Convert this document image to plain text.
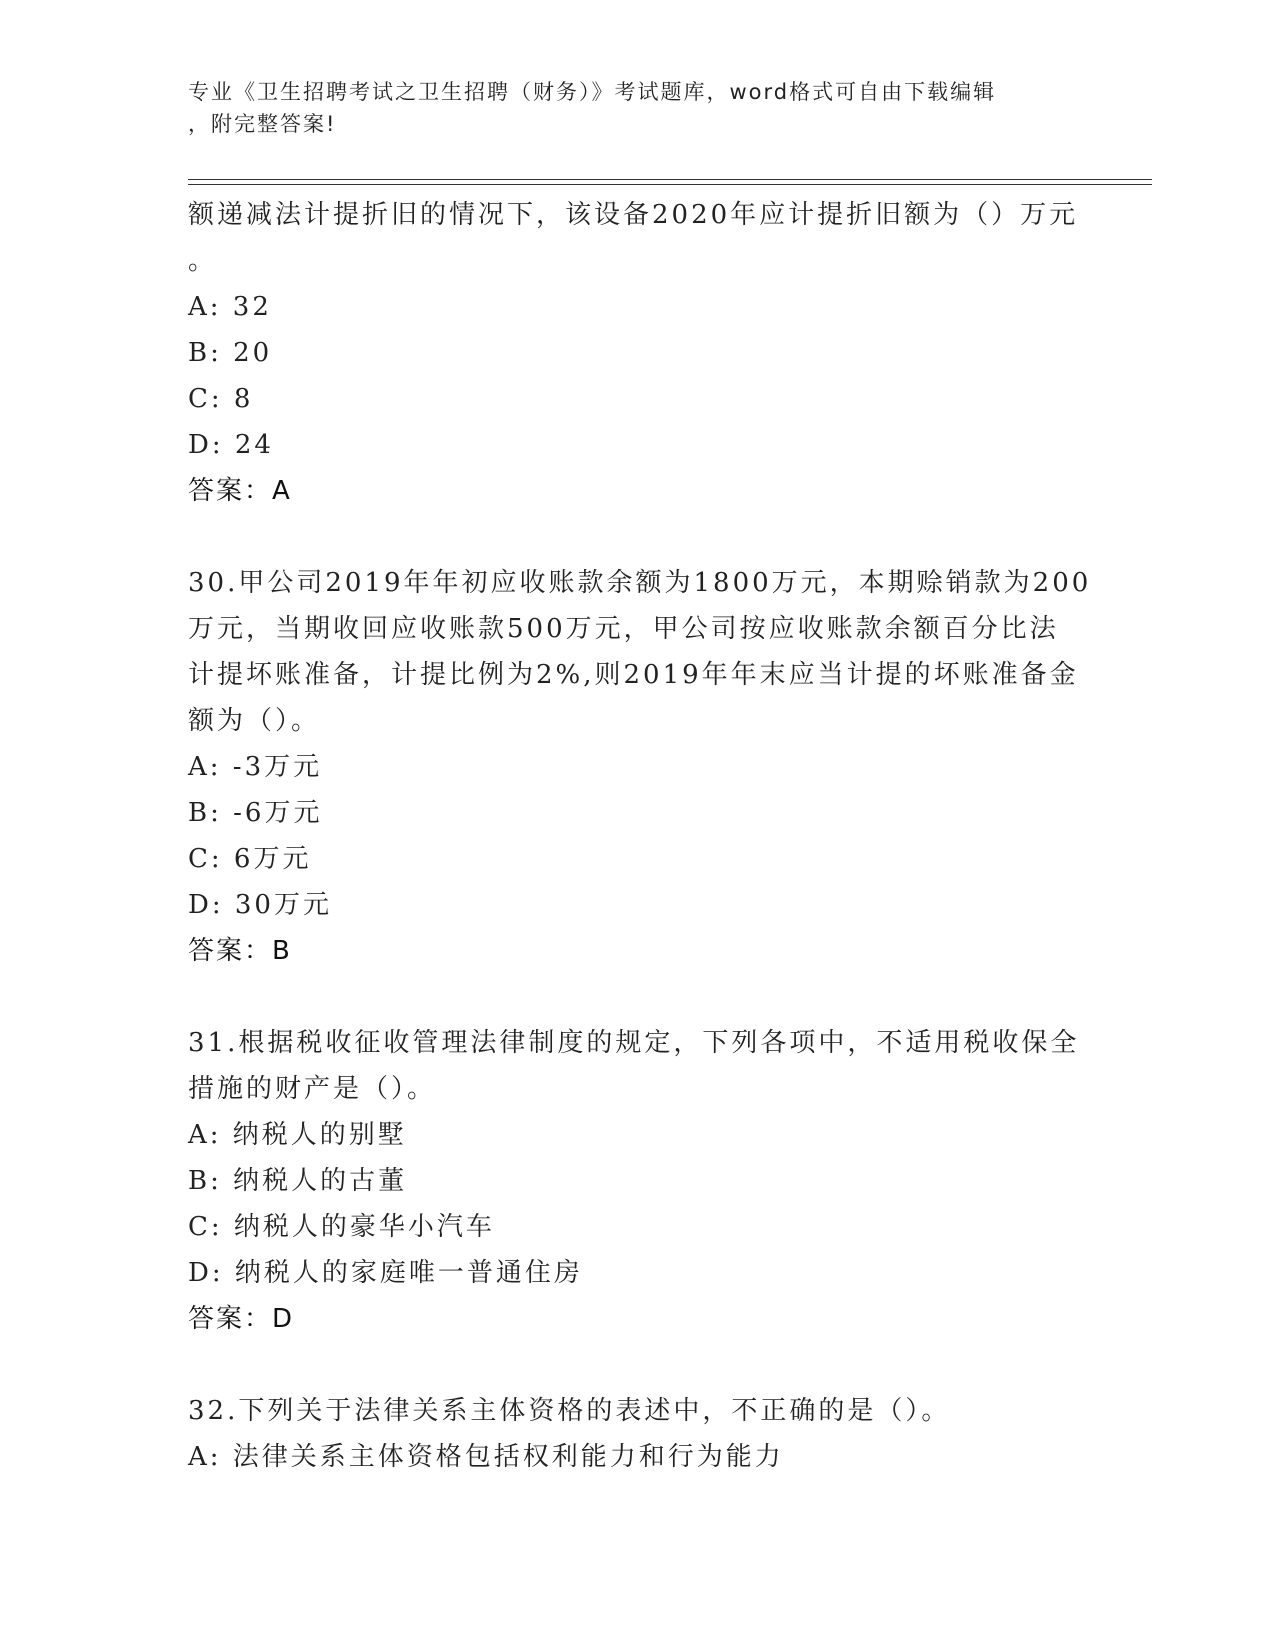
专业《卫生招聘考试之卫生招聘（财务）》考试题库，word格式可自由下载编辑
，附完整答案!
额递减法计提折旧的情况下，该设备2020年应计提折旧额为（）万元
。
A: 32
B: 20
C: 8
D: 24
答案：A
30.甲公司2019年年初应收账款余额为1800万元，本期赊销款为200
万元，当期收回应收账款500万元，甲公司按应收账款余额百分比法
计提坏账准备，计提比例为2%,则2019年年末应当计提的坏账准备金
额为（）。
A: -3万元
B: -6万元
C: 6万元
D: 30万元
答案：B
31.根据税收征收管理法律制度的规定，下列各项中，不适用税收保全
措施的财产是（）。
A: 纳税人的别墅
B: 纳税人的古董
C: 纳税人的豪华小汽车
D: 纳税人的家庭唯一普通住房
答案：D
32.下列关于法律关系主体资格的表述中，不正确的是（）。
A: 法律关系主体资格包括权利能力和行为能力
